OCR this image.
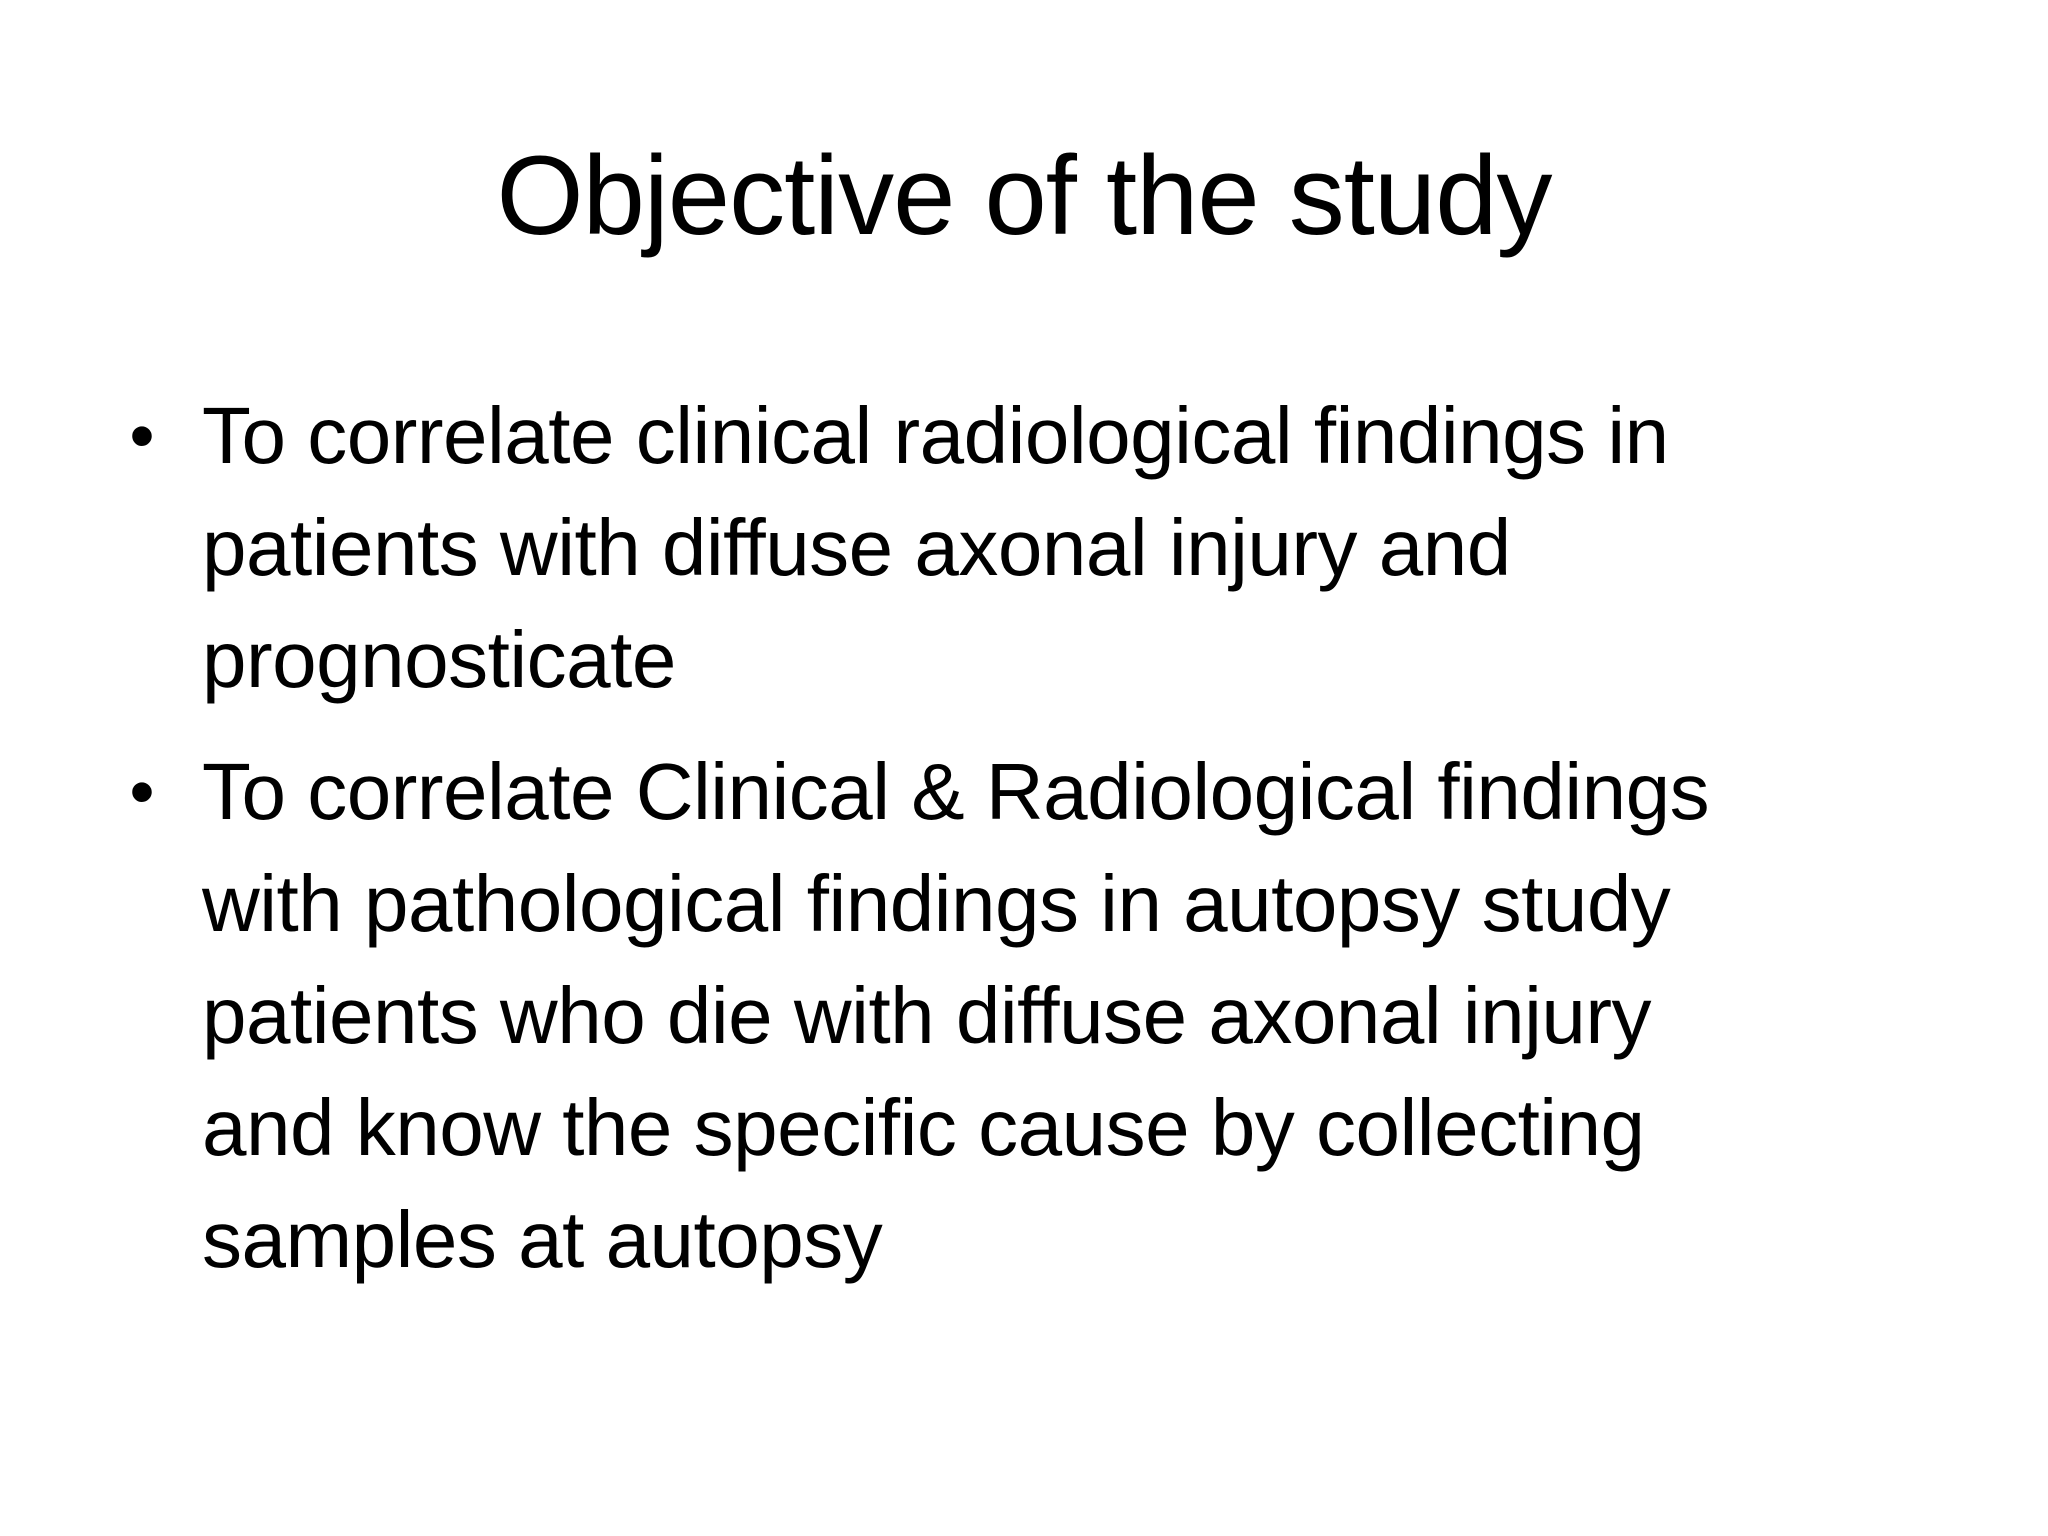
Objective of the study
• To correlate clinical radiological findings in
patients with diffuse axonal injury and
prognosticate
• To correlate Clinical & Radiological findings
with pathological findings in autopsy study
patients who die with diffuse axonal injury
and know the specific cause by collecting
samples at autopsy
